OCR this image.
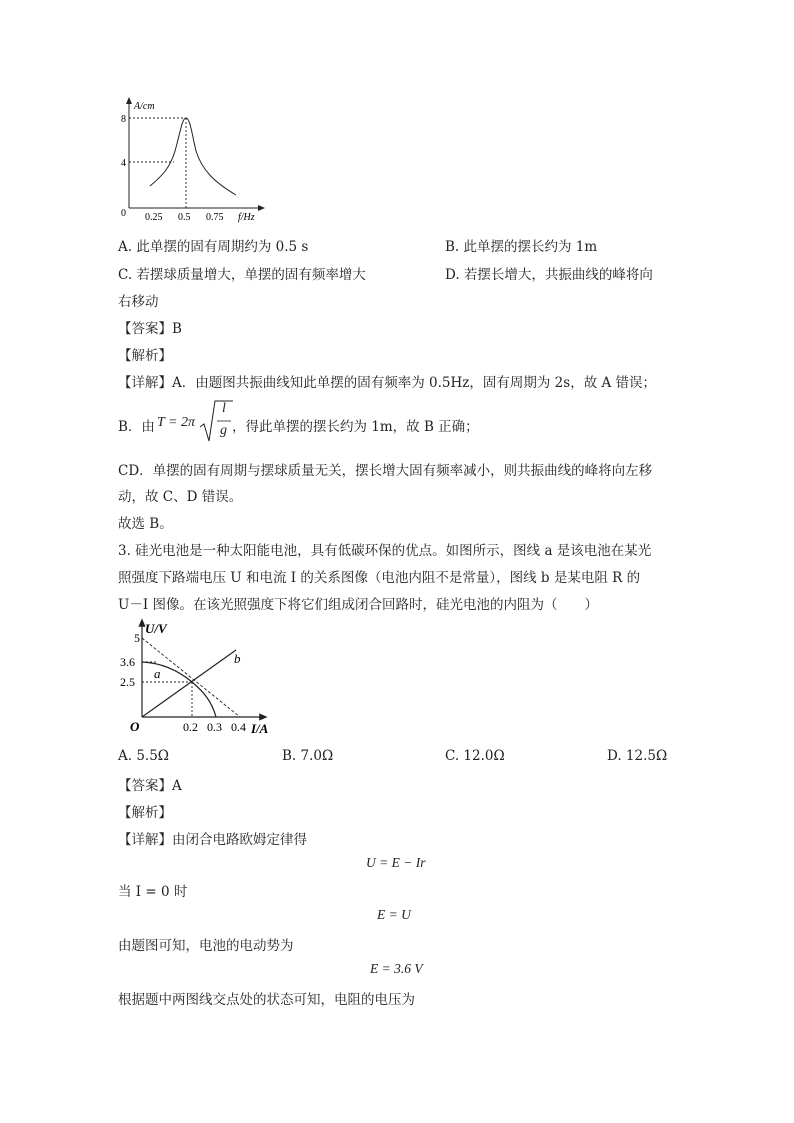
A/cm
8
4
0 0.25 0.5 0.75 f/Hz
A. 此单摆的固有周期约为 0.5 s	B. 此单摆的摆长约为 1m
C. 若摆球质量增大，单摆的固有频率增大	D. 若摆长增大，共振曲线的峰将向
右移动
【答案】B
【解析】
【详解】A．由题图共振曲线知此单摆的固有频率为 0.5Hz，固有周期为 2s，故 A 错误；
B．由 T = 2π
l
g ，得此单摆的摆长约为 1m，故 B 正确；
CD．单摆的固有周期与摆球质量无关，摆长增大固有频率减小，则共振曲线的峰将向左移
动，故 C、D 错误。
故选 B。
3. 硅光电池是一种太阳能电池，具有低碳环保的优点。如图所示，图线 a 是该电池在某光
照强度下路端电压 U 和电流 I 的关系图像（电池内阻不是常量），图线 b 是某电阻 R 的
U－I 图像。在该光照强度下将它们组成闭合回路时，硅光电池的内阻为（　　）
U/V
5
3.6
2.5
O
a
b
0.2 0.3 0.4 I/A
A. 5.5Ω	B. 7.0Ω	C. 12.0Ω	D. 12.5Ω
【答案】A
【解析】
【详解】由闭合电路欧姆定律得
U = E − Ir
当 I = 0 时
E = U
由题图可知，电池的电动势为
E = 3.6 V
根据题中两图线交点处的状态可知，电阻的电压为
